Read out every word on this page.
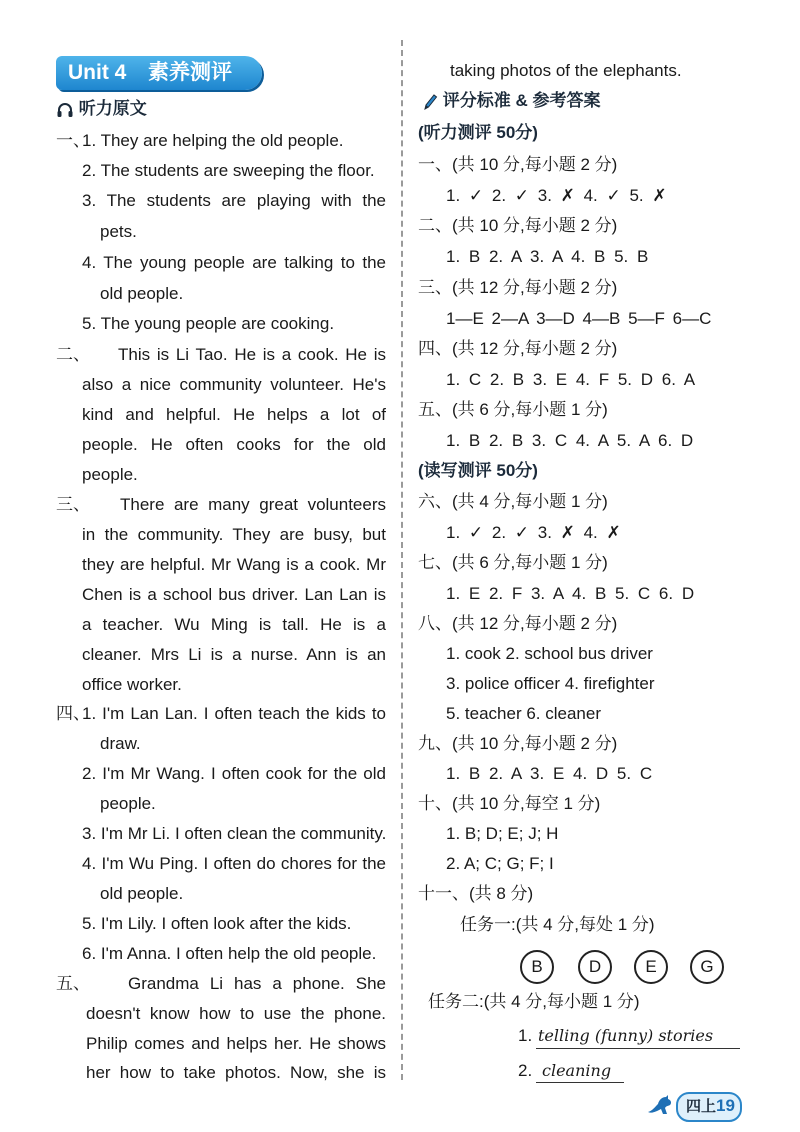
Unit 4 素养测评
听力原文
一、
1. They are helping the old people.
2. The students are sweeping the floor.
3. The students are playing with the
pets.
4. The young people are talking to the
old people.
5. The young people are cooking.
二、 This is Li Tao. He is a cook. He is
also a nice community volunteer. He's
kind and helpful. He helps a lot of
people. He often cooks for the old
people.
三、 There are many great volunteers
in the community. They are busy, but
they are helpful. Mr Wang is a cook. Mr
Chen is a school bus driver. Lan Lan is
a teacher. Wu Ming is tall. He is a
cleaner. Mrs Li is a nurse. Ann is an
office worker.
四、
1. I'm Lan Lan. I often teach the kids to
draw.
2. I'm Mr Wang. I often cook for the old
people.
3. I'm Mr Li. I often clean the community.
4. I'm Wu Ping. I often do chores for the
old people.
5. I'm Lily. I often look after the kids.
6. I'm Anna. I often help the old people.
五、 Grandma Li has a phone. She
doesn't know how to use the phone.
Philip comes and helps her. He shows
her how to take photos. Now, she is
taking photos of the elephants.
评分标准 & 参考答案
(听力测评 50分)
一、(共 10 分,每小题 2 分)
1. ✓ 2. ✓ 3. ✗ 4. ✓ 5. ✗
二、(共 10 分,每小题 2 分)
1. B 2. A 3. A 4. B 5. B
三、(共 12 分,每小题 2 分)
1—E 2—A 3—D 4—B 5—F 6—C
四、(共 12 分,每小题 2 分)
1. C 2. B 3. E 4. F 5. D 6. A
五、(共 6 分,每小题 1 分)
1. B 2. B 3. C 4. A 5. A 6. D
(读写测评 50分)
六、(共 4 分,每小题 1 分)
1. ✓ 2. ✓ 3. ✗ 4. ✗
七、(共 6 分,每小题 1 分)
1. E 2. F 3. A 4. B 5. C 6. D
八、(共 12 分,每小题 2 分)
1. cook 2. school bus driver
3. police officer 4. firefighter
5. teacher 6. cleaner
九、(共 10 分,每小题 2 分)
1. B 2. A 3. E 4. D 5. C
十、(共 10 分,每空 1 分)
1. B; D; E; J; H
2. A; C; G; F; I
十一、(共 8 分)
任务一:(共 4 分,每处 1 分)
B	D	E	G
任务二:(共 4 分,每小题 1 分)
1. telling (funny) stories
2. cleaning
四上 19
